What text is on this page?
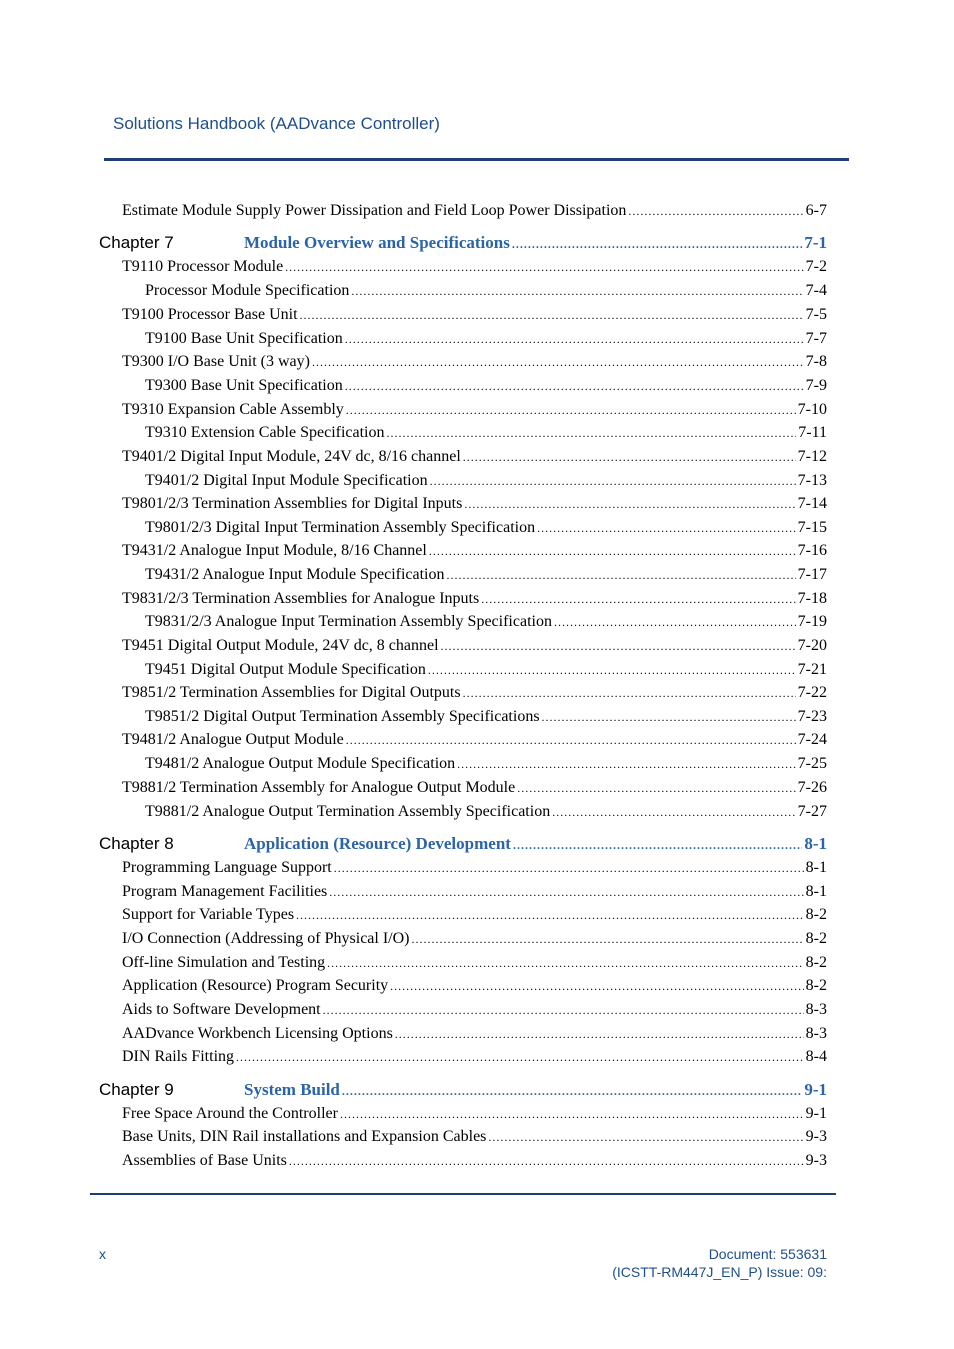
Solutions Handbook (AADvance Controller)
Estimate Module Supply Power Dissipation and Field Loop Power Dissipation .....	6-7
Chapter 7	Module Overview and Specifications .....	7-1
T9110 Processor Module .....	7-2
Processor Module Specification .....	7-4
T9100 Processor Base Unit .....	7-5
T9100 Base Unit Specification .....	7-7
T9300 I/O Base Unit (3 way) .....	7-8
T9300 Base Unit Specification .....	7-9
T9310 Expansion Cable Assembly .....	7-10
T9310 Extension Cable Specification .....	7-11
T9401/2 Digital Input Module, 24V dc, 8/16 channel .....	7-12
T9401/2 Digital Input Module Specification .....	7-13
T9801/2/3 Termination Assemblies for Digital Inputs .....	7-14
T9801/2/3 Digital Input Termination Assembly Specification .....	7-15
T9431/2 Analogue Input Module, 8/16 Channel .....	7-16
T9431/2 Analogue Input Module Specification .....	7-17
T9831/2/3 Termination Assemblies for Analogue Inputs .....	7-18
T9831/2/3 Analogue Input Termination Assembly Specification .....	7-19
T9451 Digital Output Module, 24V dc, 8 channel .....	7-20
T9451 Digital Output Module Specification .....	7-21
T9851/2 Termination Assemblies for Digital Outputs .....	7-22
T9851/2 Digital Output Termination Assembly Specifications .....	7-23
T9481/2 Analogue Output Module .....	7-24
T9481/2 Analogue Output Module Specification .....	7-25
T9881/2 Termination Assembly for Analogue Output Module .....	7-26
T9881/2 Analogue Output Termination Assembly Specification .....	7-27
Chapter 8	Application (Resource) Development .....	8-1
Programming Language Support .....	8-1
Program Management Facilities .....	8-1
Support for Variable Types .....	8-2
I/O Connection (Addressing of Physical I/O) .....	8-2
Off-line Simulation and Testing .....	8-2
Application (Resource) Program Security .....	8-2
Aids to Software Development .....	8-3
AADvance Workbench Licensing Options .....	8-3
DIN Rails Fitting .....	8-4
Chapter 9	System Build .....	9-1
Free Space Around the Controller .....	9-1
Base Units, DIN Rail installations and Expansion Cables .....	9-3
Assemblies of Base Units .....	9-3
x	Document: 553631
(ICSTT-RM447J_EN_P) Issue: 09:
